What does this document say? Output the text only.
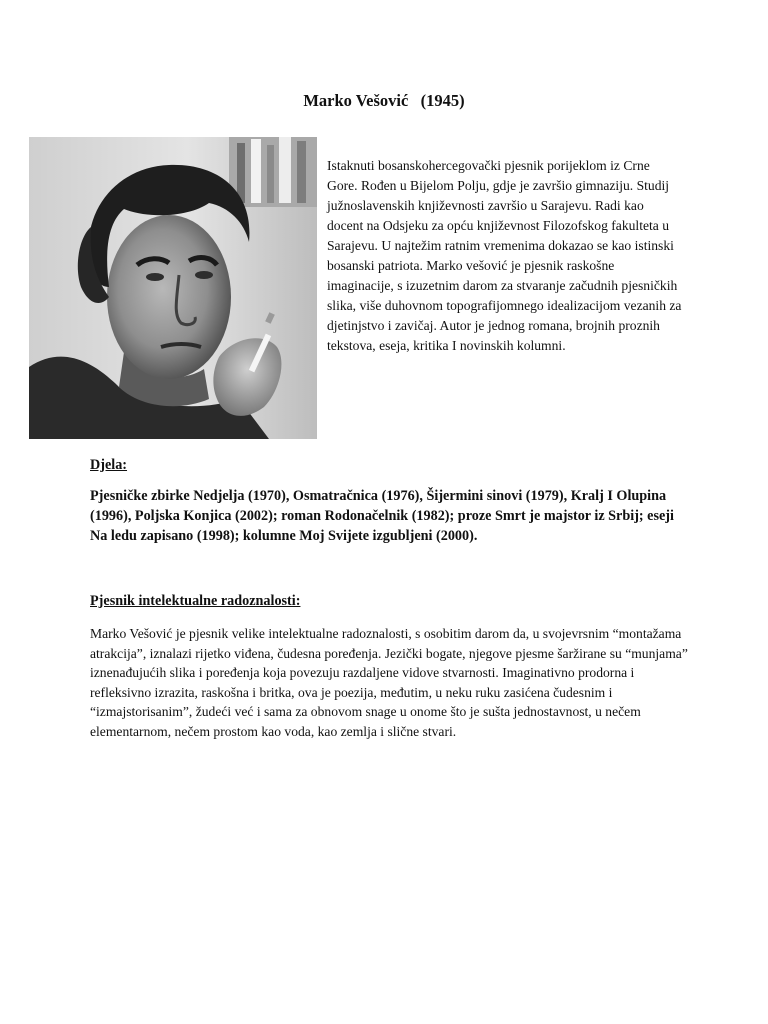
Marko Vešović   (1945)
Istaknuti bosanskohercegovački pjesnik porijeklom iz Crne Gore. Rođen u Bijelom Polju, gdje je završio gimnaziju. Studij južnoslavenskih književnosti završio u Sarajevu. Radi kao docent na Odsjeku za opću književnost Filozofskog fakulteta u Sarajevu. U najtežim ratnim vremenima dokazao se kao istinski bosanski patriota. Marko vešović je pjesnik raskošne imaginacije, s izuzetnim darom za stvaranje začudnih pjesničkih slika, više duhovnom topografijomnego idealizacijom vezanih za djetinjstvo i zavičaj. Autor je jednog romana, brojnih proznih tekstova, eseja, kritika I novinskih kolumni.
Djela:
Pjesničke zbirke Nedjelja (1970), Osmatračnica (1976), Šijermini sinovi (1979), Kralj I Olupina (1996), Poljska Konjica (2002); roman Rodonačelnik (1982); proze Smrt je majstor iz Srbij; eseji Na ledu zapisano (1998); kolumne Moj Svijete izgubljeni (2000).
Pjesnik intelektualne radoznalosti:
Marko Vešović je pjesnik velike intelektualne radoznalosti, s osobitim darom da, u svojevrsnim “montažama atrakcija”, iznalazi rijetko viđena, čudesna poređenja. Jezički bogate, njegove pjesme šaržirane su “munjama” iznenađujućih slika i poređenja koja povezuju razdaljene vidove stvarnosti. Imaginativno prodorna i refleksivno izrazita, raskošna i britka, ova je poezija, međutim, u neku ruku zasićena čudesnim i “izmajstorisanim”, žudeći već i sama za obnovom snage u onome što je sušta jednostavnost, u nečem elementarnom, nečem prostom kao voda, kao zemlja i slične stvari.
